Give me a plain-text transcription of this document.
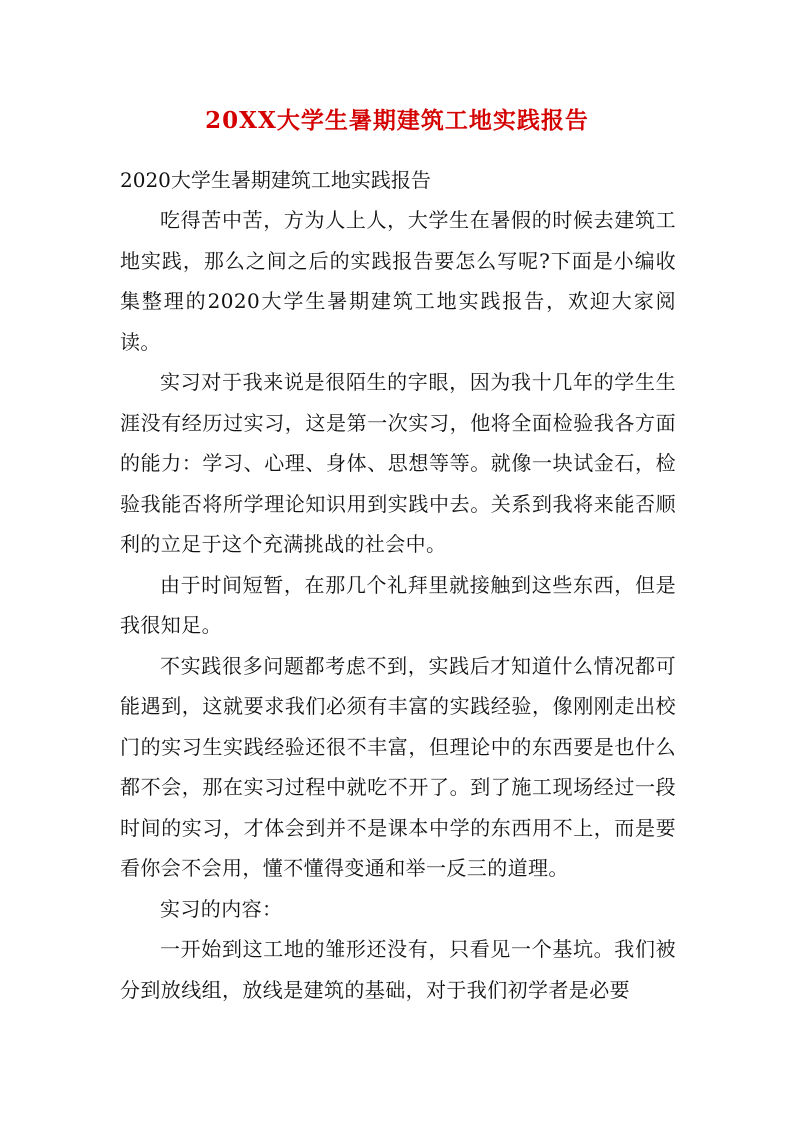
20XX大学生暑期建筑工地实践报告
2020大学生暑期建筑工地实践报告

吃得苦中苦，方为人上人，大学生在暑假的时候去建筑工地实践，那么之间之后的实践报告要怎么写呢?下面是小编收集整理的2020大学生暑期建筑工地实践报告，欢迎大家阅读。

实习对于我来说是很陌生的字眼，因为我十几年的学生生涯没有经历过实习，这是第一次实习，他将全面检验我各方面的能力：学习、心理、身体、思想等等。就像一块试金石，检验我能否将所学理论知识用到实践中去。关系到我将来能否顺利的立足于这个充满挑战的社会中。

由于时间短暂，在那几个礼拜里就接触到这些东西，但是我很知足。

不实践很多问题都考虑不到，实践后才知道什么情况都可能遇到，这就要求我们必须有丰富的实践经验，像刚刚走出校门的实习生实践经验还很不丰富，但理论中的东西要是也什么都不会，那在实习过程中就吃不开了。到了施工现场经过一段时间的实习，才体会到并不是课本中学的东西用不上，而是要看你会不会用，懂不懂得变通和举一反三的道理。

实习的内容：

一开始到这工地的雏形还没有，只看见一个基坑。我们被分到放线组，放线是建筑的基础，对于我们初学者是必要
